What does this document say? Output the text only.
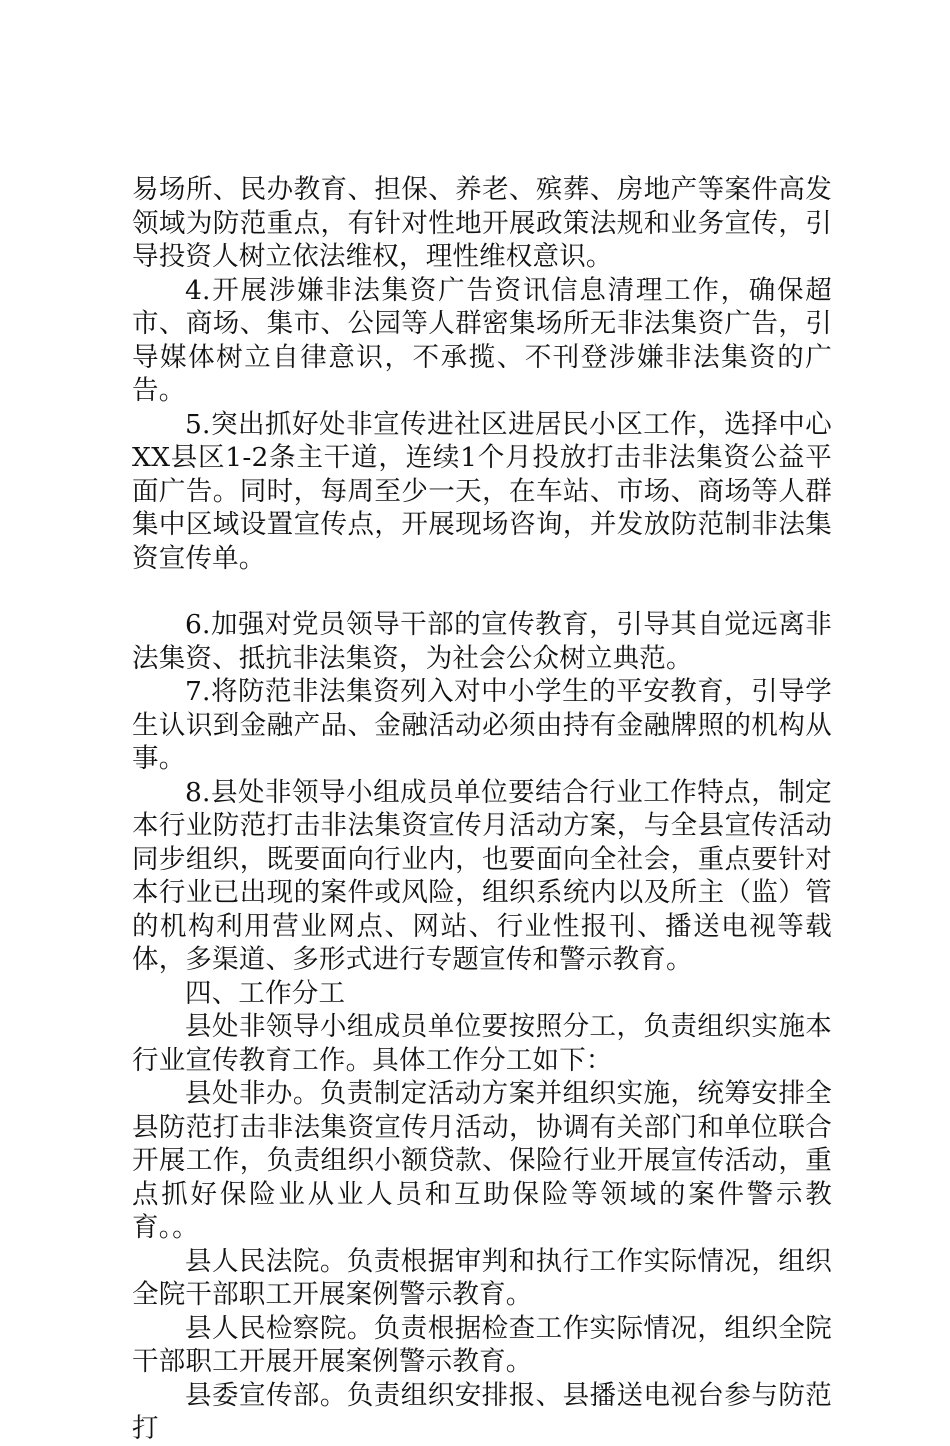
易场所、民办教育、担保、养老、殡葬、房地产等案件高发领域为防范重点，有针对性地开展政策法规和业务宣传，引导投资人树立依法维权，理性维权意识。

4.开展涉嫌非法集资广告资讯信息清理工作，确保超市、商场、集市、公园等人群密集场所无非法集资广告，引导媒体树立自律意识，不承揽、不刊登涉嫌非法集资的广告。

5.突出抓好处非宣传进社区进居民小区工作，选择中心XX县区1-2条主干道，连续1个月投放打击非法集资公益平面广告。同时，每周至少一天，在车站、市场、商场等人群集中区域设置宣传点，开展现场咨询，并发放防范制非法集资宣传单。

6.加强对党员领导干部的宣传教育，引导其自觉远离非法集资、抵抗非法集资，为社会公众树立典范。

7.将防范非法集资列入对中小学生的平安教育，引导学生认识到金融产品、金融活动必须由持有金融牌照的机构从事。

8.县处非领导小组成员单位要结合行业工作特点，制定本行业防范打击非法集资宣传月活动方案，与全县宣传活动同步组织，既要面向行业内，也要面向全社会，重点要针对本行业已出现的案件或风险，组织系统内以及所主（监）管的机构利用营业网点、网站、行业性报刊、播送电视等载体，多渠道、多形式进行专题宣传和警示教育。

四、工作分工

县处非领导小组成员单位要按照分工，负责组织实施本行业宣传教育工作。具体工作分工如下：

县处非办。负责制定活动方案并组织实施，统筹安排全县防范打击非法集资宣传月活动，协调有关部门和单位联合开展工作，负责组织小额贷款、保险行业开展宣传活动，重点抓好保险业从业人员和互助保险等领域的案件警示教育。。

县人民法院。负责根据审判和执行工作实际情况，组织全院干部职工开展案例警示教育。

县人民检察院。负责根据检查工作实际情况，组织全院干部职工开展开展案例警示教育。

县委宣传部。负责组织安排报、县播送电视台参与防范打
